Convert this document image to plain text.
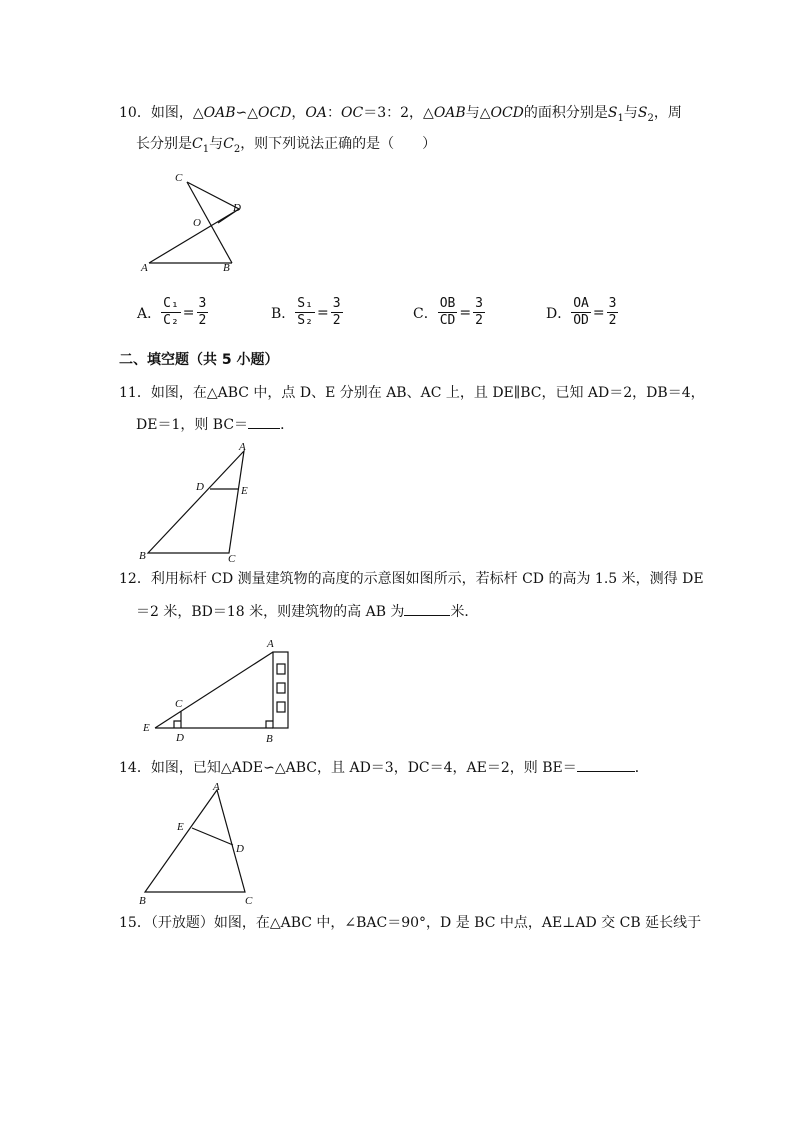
10．如图，△OAB∽△OCD，OA：OC＝3：2，△OAB与△OCD的面积分别是$S_1$与$S_2$，周
长分别是$C_1$与$C_2$，则下列说法正确的是（　　）
C
D
O
A	B
A． $\frac{\text{C₁}}{\text{C₂}} = \frac{3}{2}$	B． $\frac{\text{S₁}}{\text{S₂}} = \frac{3}{2}$	C． $\frac{OB}{CD} = \frac{3}{2}$	D． $\frac{OA}{OD} = \frac{3}{2}$
二、填空题（共 5 小题）
11．如图，在△ABC 中，点 D、E 分别在 AB、AC 上，且 DE∥BC，已知 AD＝2，DB＝4，
DE＝1，则 BC＝ ．
A
D	E
B	C
12．利用标杆 CD 测量建筑物的高度的示意图如图所示，若标杆 CD 的高为 1.5 米，测得 DE
＝2 米，BD＝18 米，则建筑物的高 AB 为	米．
A
C
E
D	B
14．如图，已知△ADE∽△ABC，且 AD＝3，DC＝4，AE＝2，则 BE＝	．
A
E
D
B	C
15．（开放题）如图，在△ABC 中，∠BAC＝90°，D 是 BC 中点，AE⊥AD 交 CB 延长线于
